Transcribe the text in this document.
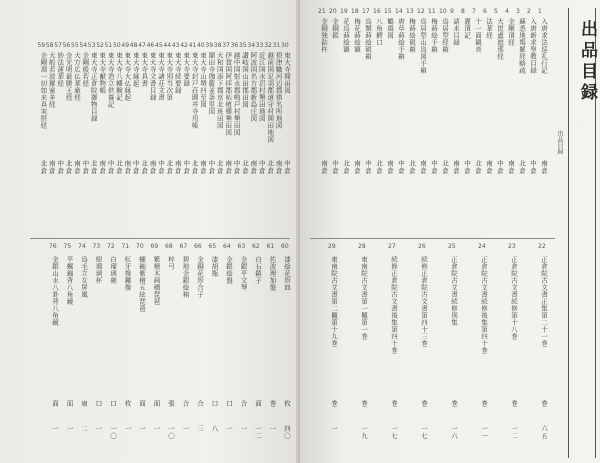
30
東大寺開田図
中倉
31
摂津職河辺郡猪名所地図
南倉
32
越前国足羽郡道守村開田地図
北倉
33
近江国水沼村墾田地図
中倉
34
阿波国名方郡新島庄図
南倉
35
讃岐国山田郡田図
北倉
36
越中国射水郡鳴戸村墾田図
中倉
37
伊賀国阿拝郡柘植郷墾田図
南倉
38
大和国添下郡京北班田図
北倉
39
額田寺伽藍並条里図
中倉
40
東大寺山堺四至図
南倉
41
東大寺封戸荘園并寺用帳
北倉
42
東大寺要録
中倉
43
東大寺続要録
南倉
44
東大寺別当次第
北倉
45
東大寺諸荘文書
中倉
46
東大寺文書目録
南倉
47
東大寺具書
北倉
48
東大寺縁起
中倉
49
東大寺大仏縁起
南倉
50
東大寺八幡験記
北倉
51
東大寺造立供養記
中倉
52
東大寺献物帳
南倉
53
東大寺正倉院御物目録
北倉
54
金剛般若経
中倉
55
大方広仏華厳経
南倉
56
金光明最勝王経
北倉
57
妙法蓮華経
中倉
58
大般若波羅蜜多経
南倉
59
金剛頂一切如来真実摂経
北倉
60
漆絵花形皿
枚
四〇
61
佐波理加盤
巻
一
62
白石鎮子
面
一二
63
金銀平文琴
合
一
64
金銀絵盤
口
一
65
漆胡瓶
口
八
66
金銅花形合子
合
三
67
碧地金銀絵箱
合
一
68
梓弓
張
一〇
69
紫檀木画槽琵琶
面
一
70
螺鈿紫檀五絃琵琶
面
一
71
紅牙撥鏤撥
枚
一
72
白瑠璃碗
口
一〇
73
紺瑠璃杯
口
一
74
鳥毛立女屏風
扇
二
75
平螺鈿背八角鏡
面
一
76
金銀山水八卦背八角鏡
面
一
1
入唐求法巡礼行記
南倉
2
入唐新求聖教目録
中倉
3
蘇悉地羯羅経略疏
北倉
4
金剛頂経
南倉
5
大毘盧遮那経
中倉
6
法華経
南倉
7
十一面観音
北倉
8
灌頂記
中倉
9
請来目録
南倉
10
鳥居型経箱
北倉
11
梅蒔絵手箱
中倉
12
鳥居型山鳥図手箱
南倉
13
梅蒔絵硯箱
北倉
14
唐草蒔絵手箱
中倉
15
鶴鶏図
南倉
16
八角鰐口
北倉
17
鳥類蒔絵硯箱
中倉
18
梅花蒔絵額
南倉
19
花鳥蒔絵額
北倉
20
金銅鈸
中倉
21
金銅独鈷杵
南倉
22
正倉院古文書正集第二十一巻
巻
六五
23
正倉院古文書続修第十八巻
巻
一二
24
正倉院古文書続修後集第四十巻
巻
一一
25
正倉院古文書続修別集
巻
一六
26
続修正倉院古文書第四十三巻
巻
一七
27
続修正倉院古文書後集第四十巻
巻
一七
28
東南院古文書第一櫃第一巻
巻
一九
29
東南院古文書第二櫃第十九巻
巻
一
出品目録
出品目録
